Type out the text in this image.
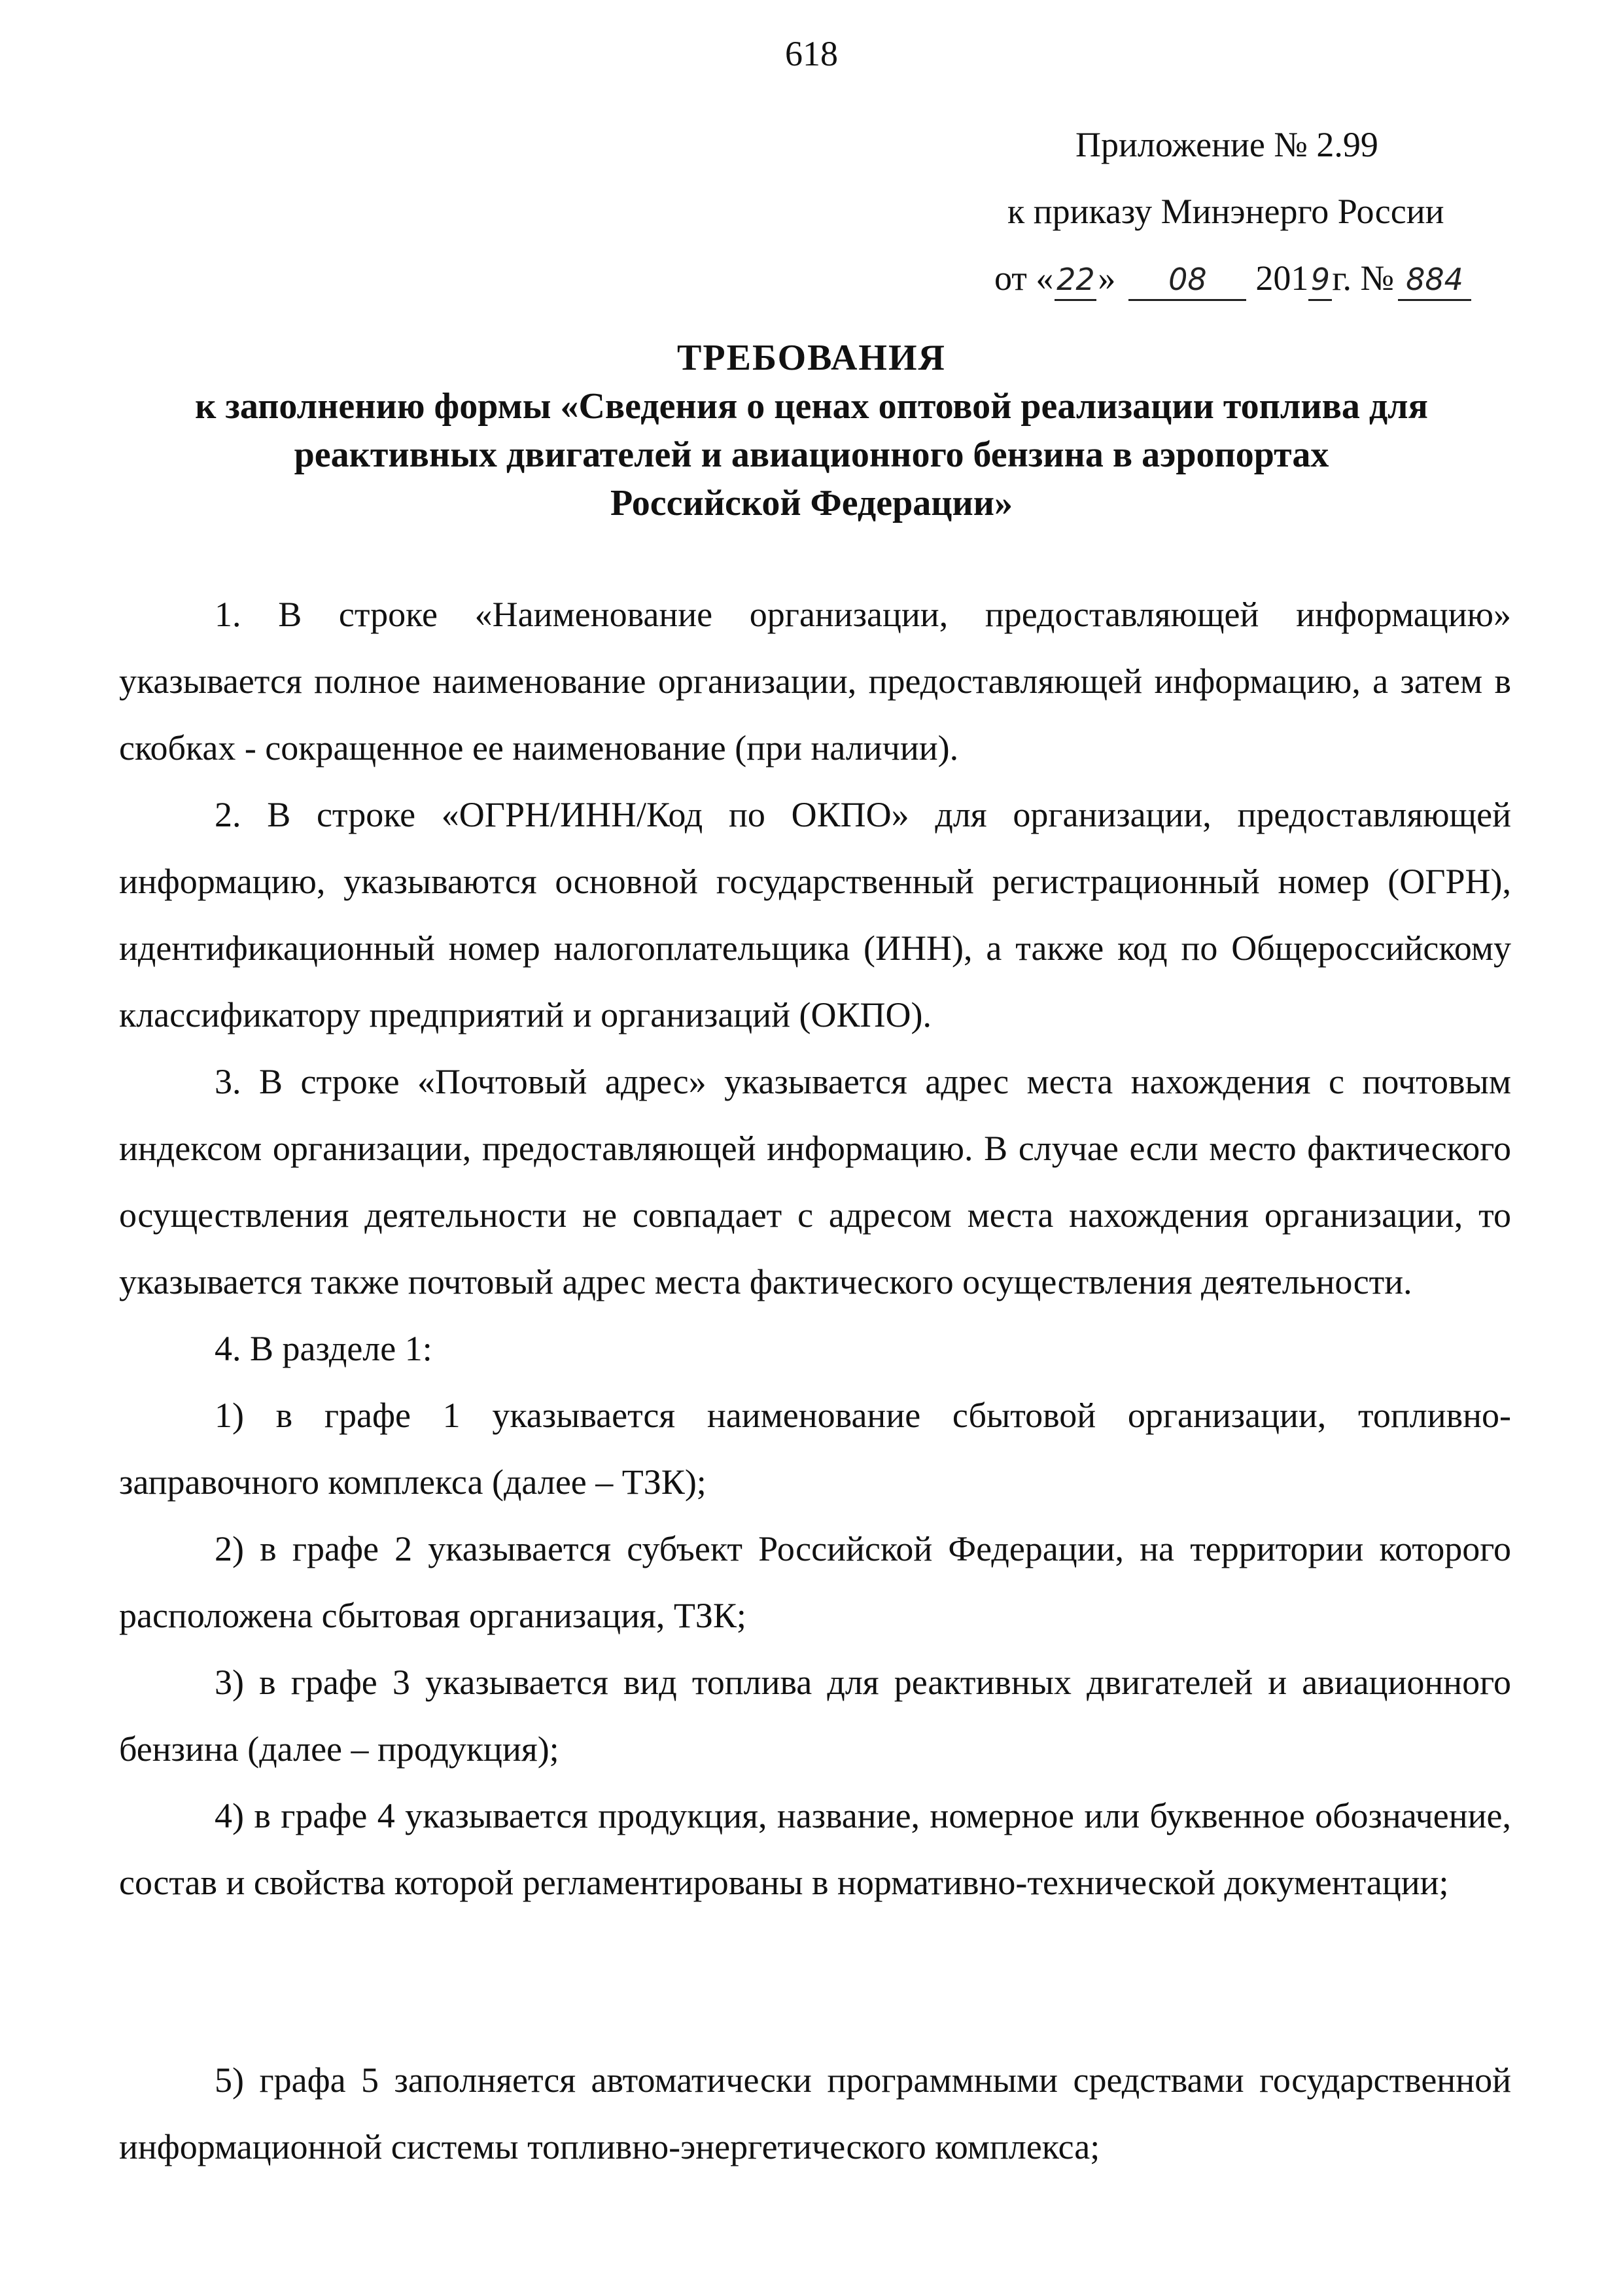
618
Приложение № 2.99
к приказу Минэнерго России
от « 22» 08 2019г. № 884
ТРЕБОВАНИЯ
к заполнению формы «Сведения о ценах оптовой реализации топлива для
реактивных двигателей и авиационного бензина в аэропортах
Российской Федерации»

1. В строке «Наименование организации, предоставляющей информацию» указывается полное наименование организации, предоставляющей информацию, а затем в скобках - сокращенное ее наименование (при наличии).

2. В строке «ОГРН/ИНН/Код по ОКПО» для организации, предоставляющей информацию, указываются основной государственный регистрационный номер (ОГРН), идентификационный номер налогоплательщика (ИНН), а также код по Общероссийскому классификатору предприятий и организаций (ОКПО).

3. В строке «Почтовый адрес» указывается адрес места нахождения с почтовым индексом организации, предоставляющей информацию. В случае если место фактического осуществления деятельности не совпадает с адресом места нахождения организации, то указывается также почтовый адрес места фактического осуществления деятельности.

4. В разделе 1:

1) в графе 1 указывается наименование сбытовой организации, топливно-заправочного комплекса (далее – ТЗК);

2) в графе 2 указывается субъект Российской Федерации, на территории которого расположена сбытовая организация, ТЗК;

3) в графе 3 указывается вид топлива для реактивных двигателей и авиационного бензина (далее – продукция);

4) в графе 4 указывается продукция, название, номерное или буквенное обозначение, состав и свойства которой регламентированы в нормативно-технической документации;

5) графа 5 заполняется автоматически программными средствами государственной информационной системы топливно-энергетического комплекса;
